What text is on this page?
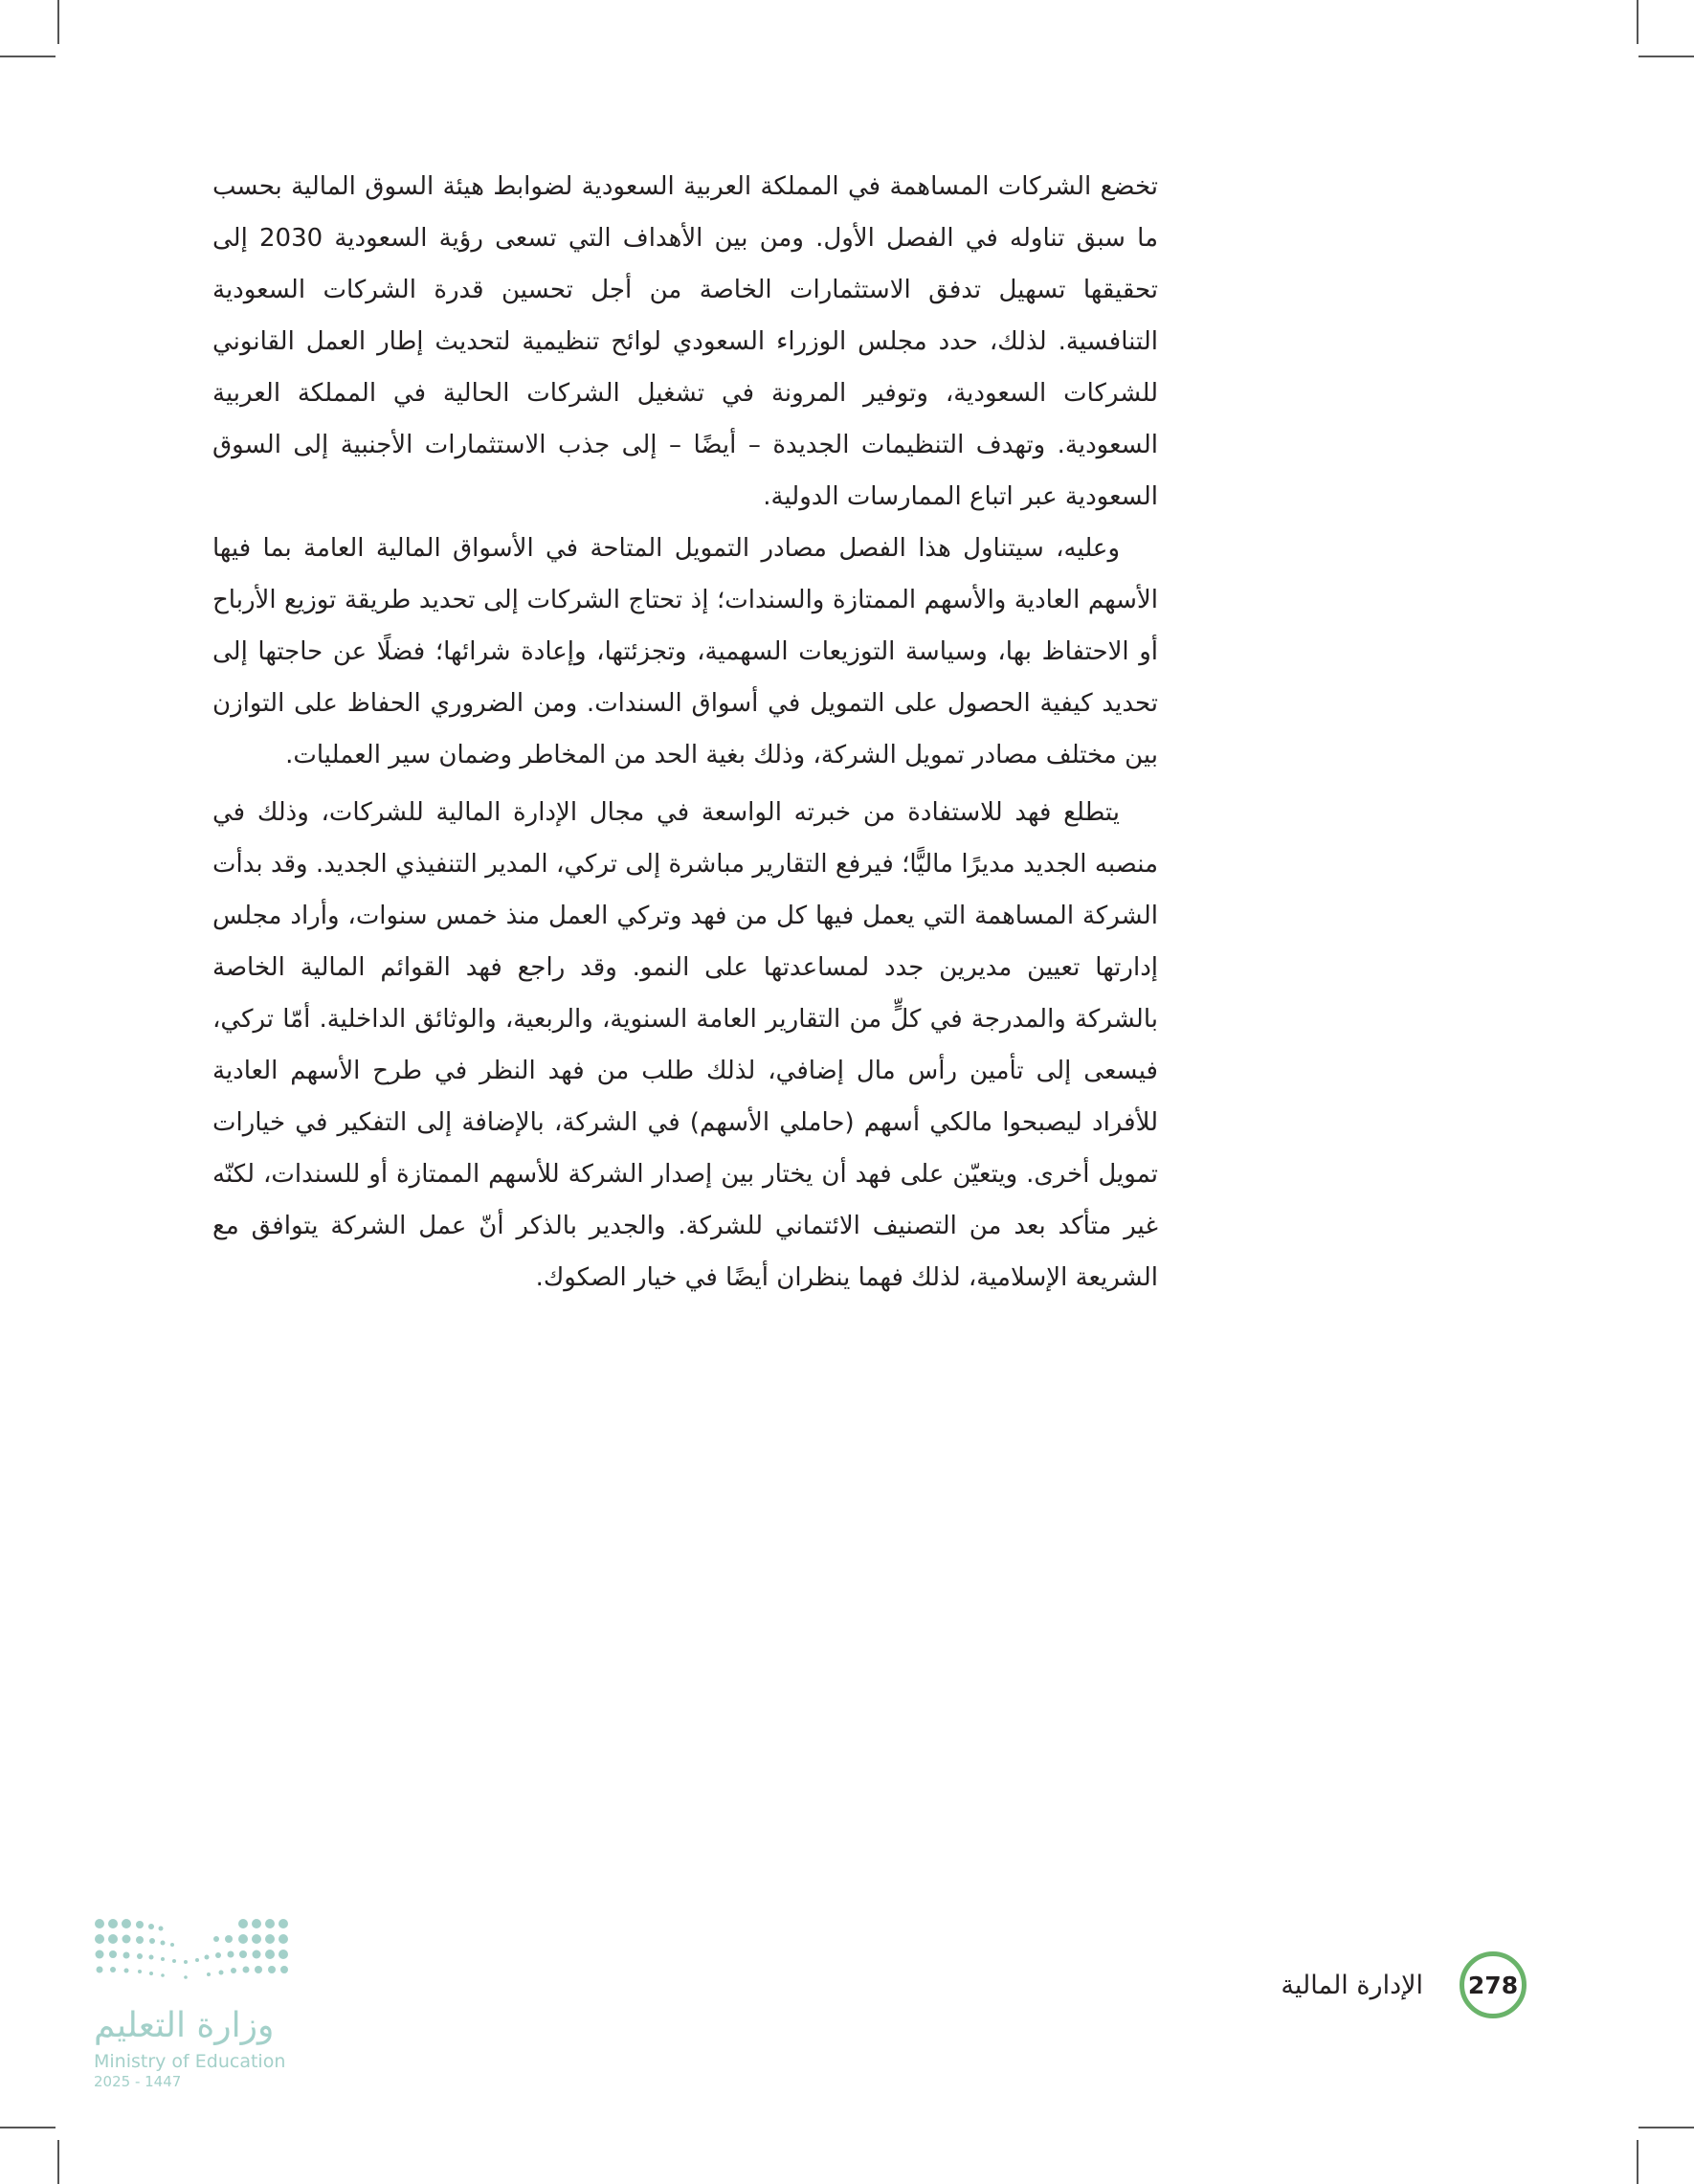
تخضع الشركات المساهمة في المملكة العربية السعودية لضوابط هيئة السوق المالية بحسب ما سبق تناوله في الفصل الأول. ومن بين الأهداف التي تسعى رؤية السعودية 2030 إلى تحقيقها تسهيل تدفق الاستثمارات الخاصة من أجل تحسين قدرة الشركات السعودية التنافسية. لذلك، حدد مجلس الوزراء السعودي لوائح تنظيمية لتحديث إطار العمل القانوني للشركات السعودية، وتوفير المرونة في تشغيل الشركات الحالية في المملكة العربية السعودية. وتهدف التنظيمات الجديدة – أيضًا – إلى جذب الاستثمارات الأجنبية إلى السوق السعودية عبر اتباع الممارسات الدولية.

وعليه، سيتناول هذا الفصل مصادر التمويل المتاحة في الأسواق المالية العامة بما فيها الأسهم العادية والأسهم الممتازة والسندات؛ إذ تحتاج الشركات إلى تحديد طريقة توزيع الأرباح أو الاحتفاظ بها، وسياسة التوزيعات السهمية، وتجزئتها، وإعادة شرائها؛ فضلًا عن حاجتها إلى تحديد كيفية الحصول على التمويل في أسواق السندات. ومن الضروري الحفاظ على التوازن بين مختلف مصادر تمويل الشركة، وذلك بغية الحد من المخاطر وضمان سير العمليات.

يتطلع فهد للاستفادة من خبرته الواسعة في مجال الإدارة المالية للشركات، وذلك في منصبه الجديد مديرًا ماليًّا؛ فيرفع التقارير مباشرة إلى تركي، المدير التنفيذي الجديد. وقد بدأت الشركة المساهمة التي يعمل فيها كل من فهد وتركي العمل منذ خمس سنوات، وأراد مجلس إدارتها تعيين مديرين جدد لمساعدتها على النمو. وقد راجع فهد القوائم المالية الخاصة بالشركة والمدرجة في كلٍّ من التقارير العامة السنوية، والربعية، والوثائق الداخلية. أمّا تركي، فيسعى إلى تأمين رأس مال إضافي، لذلك طلب من فهد النظر في طرح الأسهم العادية للأفراد ليصبحوا مالكي أسهم (حاملي الأسهم) في الشركة، بالإضافة إلى التفكير في خيارات تمويل أخرى. ويتعيّن على فهد أن يختار بين إصدار الشركة للأسهم الممتازة أو للسندات، لكنّه غير متأكد بعد من التصنيف الائتماني للشركة. والجدير بالذكر أنّ عمل الشركة يتوافق مع الشريعة الإسلامية، لذلك فهما ينظران أيضًا في خيار الصكوك.

278
الإدارة المالية
وزارة التعليم
Ministry of Education
2025 - 1447
